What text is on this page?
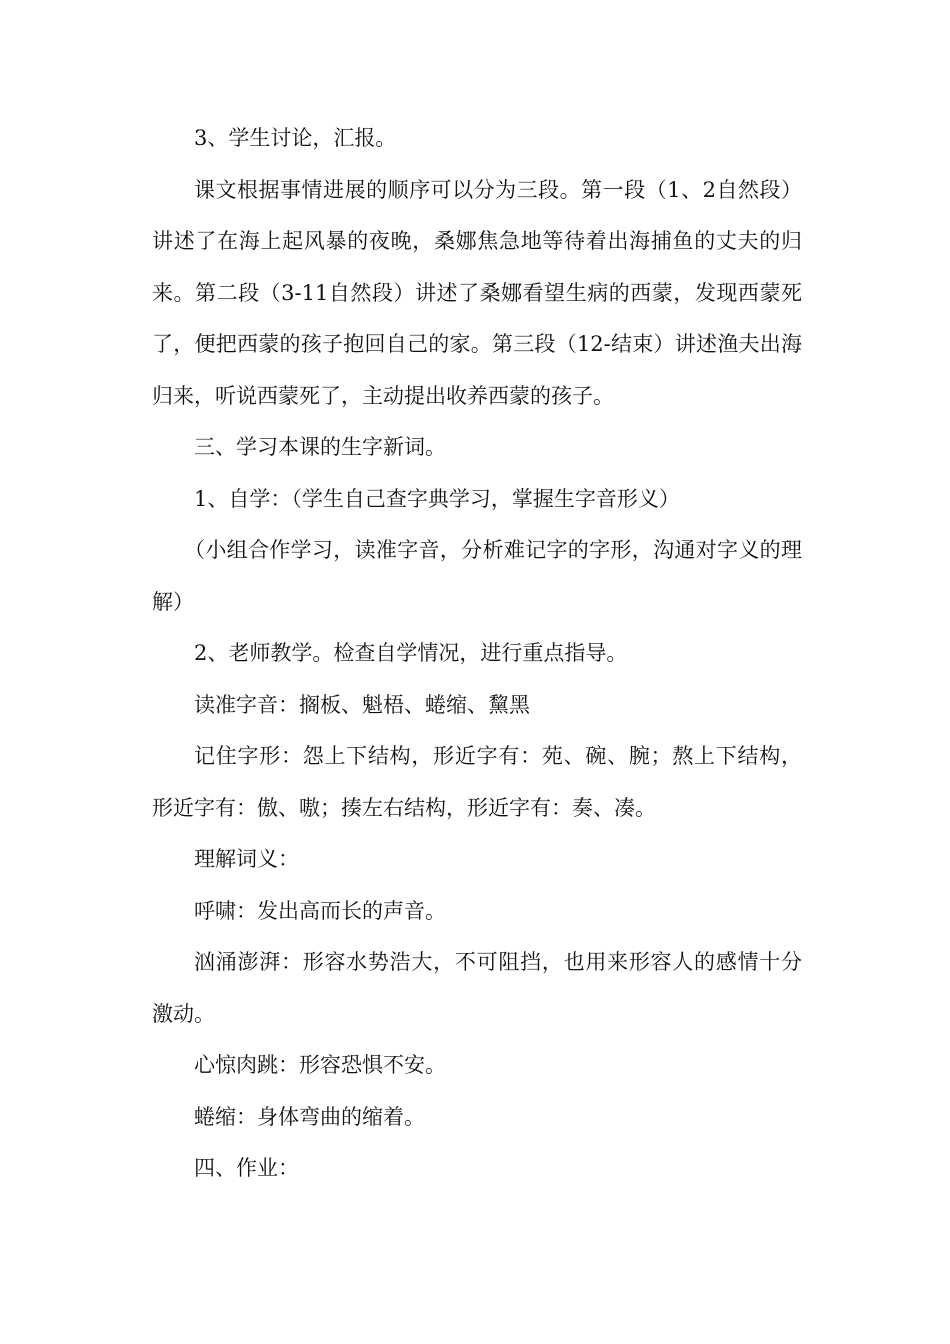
3、学生讨论，汇报。

课文根据事情进展的顺序可以分为三段。第一段（1、2自然段）讲述了在海上起风暴的夜晚，桑娜焦急地等待着出海捕鱼的丈夫的归来。第二段（3-11自然段）讲述了桑娜看望生病的西蒙，发现西蒙死了，便把西蒙的孩子抱回自己的家。第三段（12-结束）讲述渔夫出海归来，听说西蒙死了，主动提出收养西蒙的孩子。

三、学习本课的生字新词。

1、自学：（学生自己查字典学习，掌握生字音形义）

（小组合作学习，读准字音，分析难记字的字形，沟通对字义的理解）

2、老师教学。检查自学情况，进行重点指导。

读准字音：搁板、魁梧、蜷缩、黧黑

记住字形：怨上下结构，形近字有：苑、碗、腕；熬上下结构，形近字有：傲、嗷；揍左右结构，形近字有：奏、凑。

理解词义：

呼啸：发出高而长的声音。

汹涌澎湃：形容水势浩大，不可阻挡，也用来形容人的感情十分激动。

心惊肉跳：形容恐惧不安。

蜷缩：身体弯曲的缩着。

四、作业：
